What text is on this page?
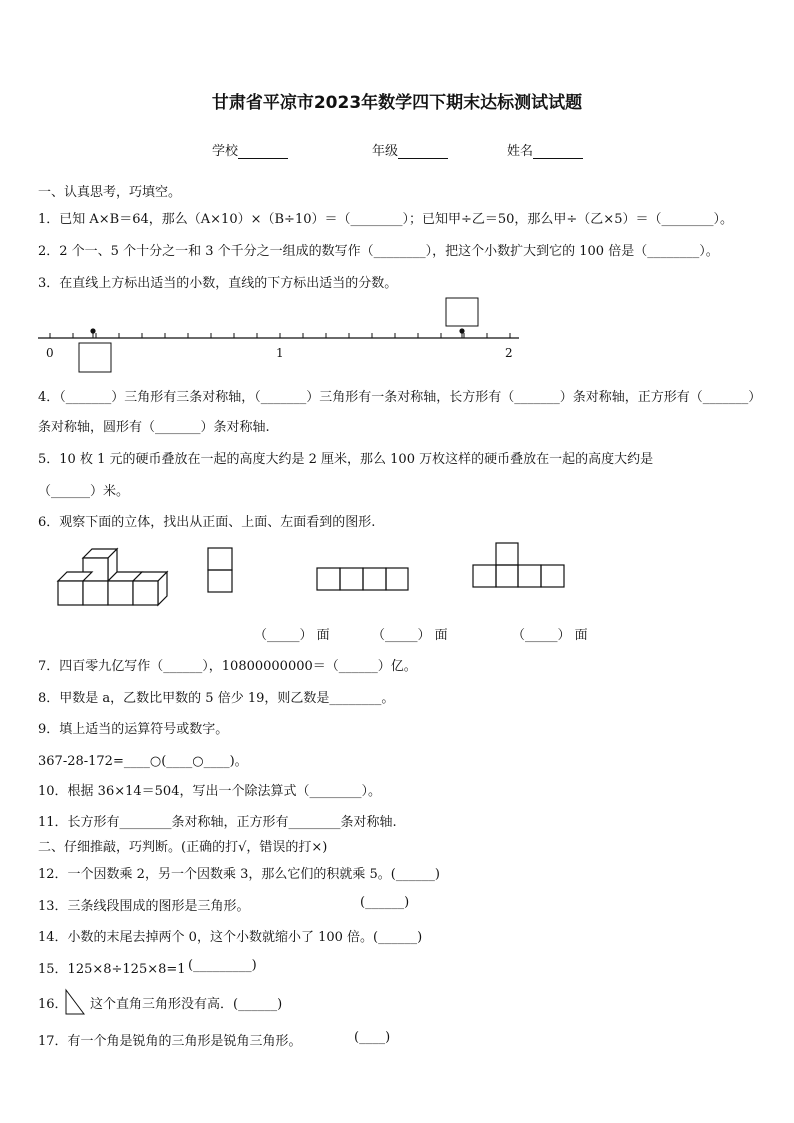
甘肃省平凉市2023年数学四下期末达标测试试题
学校	年级	姓名
一、认真思考，巧填空。
1．已知 A×B＝64，那么（A×10）×（B÷10）＝（________）；已知甲÷乙＝50，那么甲÷（乙×5）＝（________）。
2．2 个一、5 个十分之一和 3 个千分之一组成的数写作（________），把这个小数扩大到它的 100 倍是（________）。
3．在直线上方标出适当的小数，直线的下方标出适当的分数。
0	1	2
4．（_______）三角形有三条对称轴，（_______）三角形有一条对称轴，长方形有（_______）条对称轴，正方形有（_______）
条对称轴，圆形有（_______）条对称轴.
5．10 枚 1 元的硬币叠放在一起的高度大约是 2 厘米，那么 100 万枚这样的硬币叠放在一起的高度大约是
（______）米。
6．观察下面的立体，找出从正面、上面、左面看到的图形.
（_____） 面	（_____） 面	（_____） 面
7．四百零九亿写作（______），10800000000＝（______）亿。
8．甲数是 a，乙数比甲数的 5 倍少 19，则乙数是________。
9．填上适当的运算符号或数字。
367-28-172=____○(____○____)。
10．根据 36×14＝504，写出一个除法算式（________）。
11．长方形有________条对称轴，正方形有________条对称轴.
二、仔细推敲，巧判断。(正确的打√，错误的打×)
12．一个因数乘 2，另一个因数乘 3，那么它们的积就乘 5。(______)
13．三条线段围成的图形是三角形。	(______)
14．小数的末尾去掉两个 0，这个小数就缩小了 100 倍。(______)
15．125×8÷125×8=1 (_________)
16． 这个直角三角形没有高．(______)
17．有一个角是锐角的三角形是锐角三角形。	(____)
